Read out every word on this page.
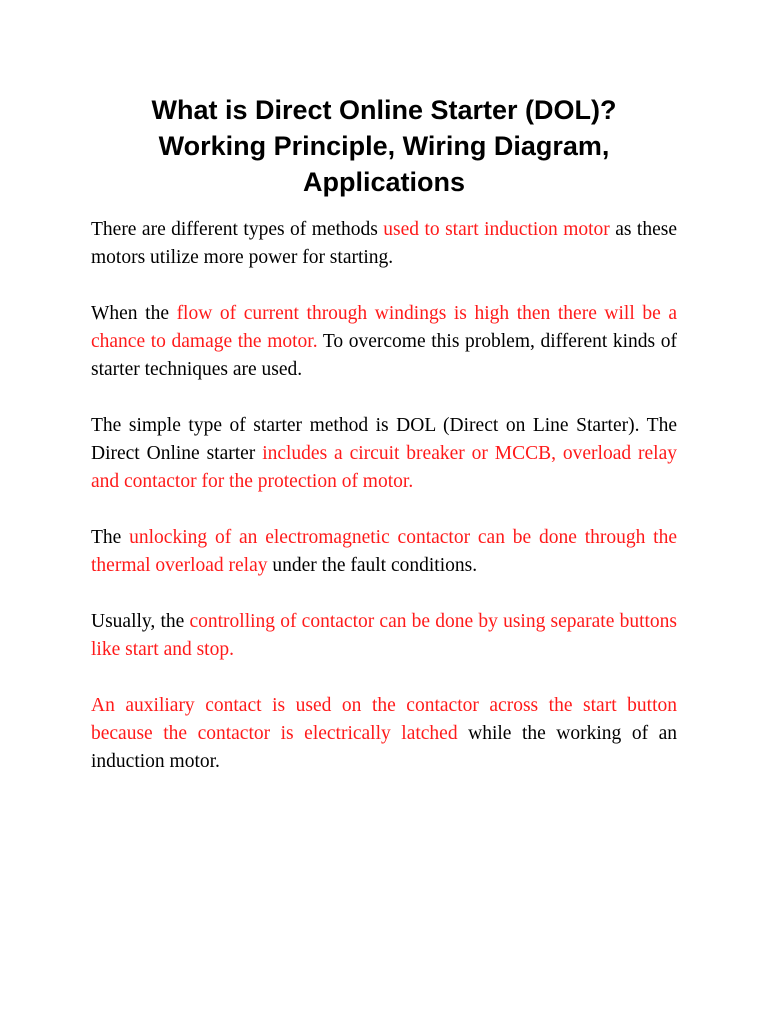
What is Direct Online Starter (DOL)?
Working Principle, Wiring Diagram,
Applications

There are different types of methods used to start induction motor as these motors utilize more power for starting.

When the flow of current through windings is high then there will be a chance to damage the motor. To overcome this problem, different kinds of starter techniques are used.

The simple type of starter method is DOL (Direct on Line Starter). The Direct Online starter includes a circuit breaker or MCCB, overload relay and contactor for the protection of motor.

The unlocking of an electromagnetic contactor can be done through the thermal overload relay under the fault conditions.

Usually, the controlling of contactor can be done by using separate buttons like start and stop.

An auxiliary contact is used on the contactor across the start button because the contactor is electrically latched while the working of an induction motor.
